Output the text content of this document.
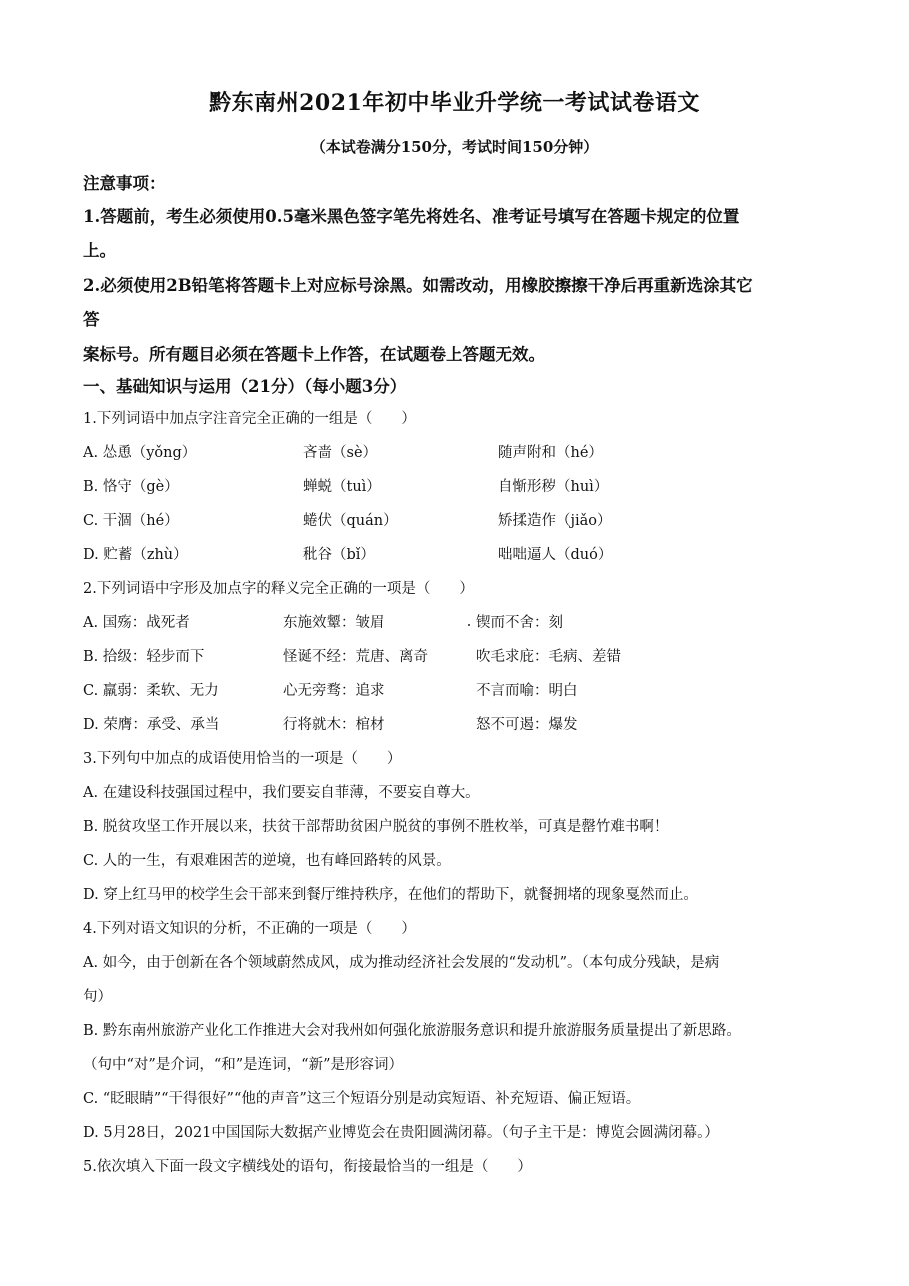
黔东南州2021年初中毕业升学统一考试试卷语文
（本试卷满分150分，考试时间150分钟）
注意事项：
1.答题前，考生必须使用0.5毫米黑色签字笔先将姓名、准考证号填写在答题卡规定的位置
上。
2.必须使用2B铅笔将答题卡上对应标号涂黑。如需改动，用橡胶擦擦干净后再重新选涂其它
答
案标号。所有题目必须在答题卡上作答，在试题卷上答题无效。
一、基础知识与运用（21分）（每小题3分）
1.下列词语中加点字注音完全正确的一组是（　　）
A. 怂恿（yǒng）	吝啬（sè）	随声附和（hé）
B. 恪守（gè）	蝉蜕（tuì）	自惭形秽（huì）
C. 干涸（hé）	蜷伏（quán）	矫揉造作（jiǎo）
D. 贮蓄（zhù）	秕谷（bǐ）	咄咄逼人（duó）
2.下列词语中字形及加点字的释义完全正确的一项是（　　）
A. 国殇：战死者	东施效颦：皱眉	锲而不舍：刻
B. 拾级：轻步而下	怪诞不经：荒唐、离奇	吹毛求庇：毛病、差错
C. 羸弱：柔软、无力	心无旁骛：追求	不言而喻：明白
D. 荣膺：承受、承当	行将就木：棺材	怒不可遏：爆发
3.下列句中加点的成语使用恰当的一项是（　　）
A. 在建设科技强国过程中，我们要妄自菲薄，不要妄自尊大。
B. 脱贫攻坚工作开展以来，扶贫干部帮助贫困户脱贫的事例不胜枚举，可真是罄竹难书啊！
C. 人的一生，有艰难困苦的逆境，也有峰回路转的风景。
D. 穿上红马甲的校学生会干部来到餐厅维持秩序，在他们的帮助下，就餐拥堵的现象戛然而止。
4.下列对语文知识的分析，不正确的一项是（　　）
A. 如今，由于创新在各个领域蔚然成风，成为推动经济社会发展的“发动机”。（本句成分残缺，是病
句）
B. 黔东南州旅游产业化工作推进大会对我州如何强化旅游服务意识和提升旅游服务质量提出了新思路。
（句中“对”是介词，“和”是连词，“新”是形容词）
C. “眨眼睛”“干得很好”“他的声音”这三个短语分别是动宾短语、补充短语、偏正短语。
D. 5月28日，2021中国国际大数据产业博览会在贵阳圆满闭幕。（句子主干是：博览会圆满闭幕。）
5.依次填入下面一段文字横线处的语句，衔接最恰当的一组是（　　）
